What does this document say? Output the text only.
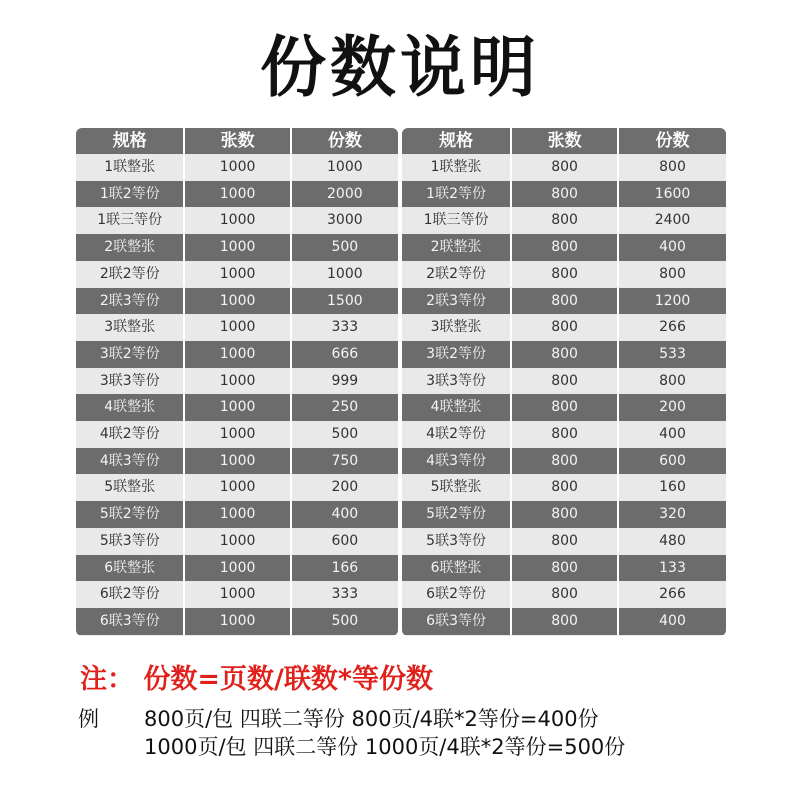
份数说明
规格	张数	份数
1联整张	1000	1000
1联2等份	1000	2000
1联三等份	1000	3000
2联整张	1000	500
2联2等份	1000	1000
2联3等份	1000	1500
3联整张	1000	333
3联2等份	1000	666
3联3等份	1000	999
4联整张	1000	250
4联2等份	1000	500
4联3等份	1000	750
5联整张	1000	200
5联2等份	1000	400
5联3等份	1000	600
6联整张	1000	166
6联2等份	1000	333
6联3等份	1000	500
规格	张数	份数
1联整张	800	800
1联2等份	800	1600
1联三等份	800	2400
2联整张	800	400
2联2等份	800	800
2联3等份	800	1200
3联整张	800	266
3联2等份	800	533
3联3等份	800	800
4联整张	800	200
4联2等份	800	400
4联3等份	800	600
5联整张	800	160
5联2等份	800	320
5联3等份	800	480
6联整张	800	133
6联2等份	800	266
6联3等份	800	400
注： 份数=页数/联数*等份数
例 800页/包 四联二等份 800页/4联*2等份=400份
1000页/包 四联二等份 1000页/4联*2等份=500份
